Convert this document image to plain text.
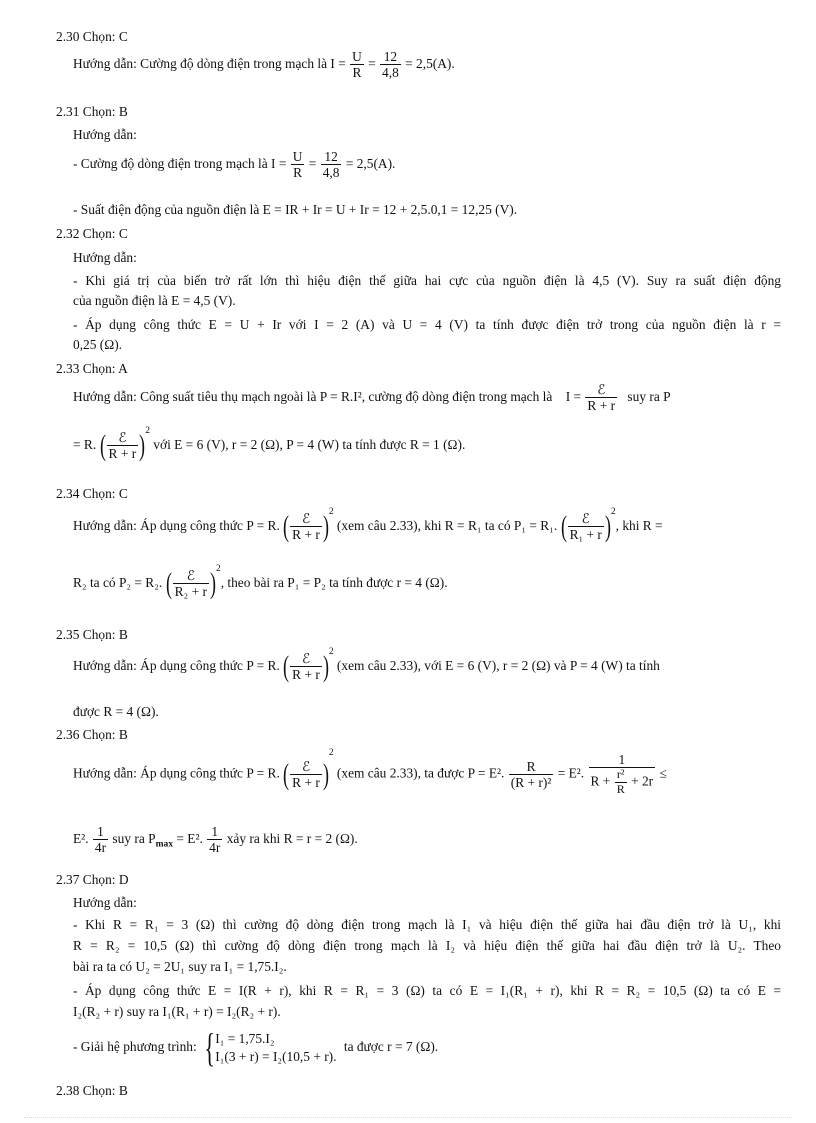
2.30 Chọn: C
Hướng dẫn: Cường độ dòng điện trong mạch là $I = \frac{U}{R} = \frac{12}{4,8} = 2,5(A)$.
2.31 Chọn: B
Hướng dẫn:
- Cường độ dòng điện trong mạch là $I = \frac{U}{R} = \frac{12}{4,8} = 2,5(A)$.
- Suất điện động của nguồn điện là E = IR + Ir = U + Ir = 12 + 2,5.0,1 = 12,25 (V).
2.32 Chọn: C
Hướng dẫn:
- Khi giá trị của biến trở rất lớn thì hiệu điện thế giữa hai cực của nguồn điện là 4,5 (V). Suy ra suất điện động
của nguồn điện là E = 4,5 (V).
- Áp dụng công thức E = U + Ir với I = 2 (A) và U = 4 (V) ta tính được điện trở trong của nguồn điện là r =
0,25 (Ω).
2.33 Chọn: A
Hướng dẫn: Công suất tiêu thụ mạch ngoài là P = R.I², cường độ dòng điện trong mạch là $I = \frac{\text{ℰ}}{R + r}$ suy ra P
= R. ( $\frac{\text{ℰ}}{R + r} )^2$ với E = 6 (V), r = 2 (Ω), P = 4 (W) ta tính được R = 1 (Ω).
2.34 Chọn: C
Hướng dẫn: Áp dụng công thức P = R. ( $\frac{\text{ℰ}}{R + r} )^2$ (xem câu 2.33), khi R = R₁ ta có P₁ = R₁. ( $\frac{\text{ℰ}}{\text{R₁ + r}} )^2$, khi R =
R₂ ta có P₂ = R₂. ( $\frac{\text{ℰ}}{\text{R₂ + r}} )^2$, theo bài ra P₁ = P₂ ta tính được r = 4 (Ω).
2.35 Chọn: B
Hướng dẫn: Áp dụng công thức P = R. ( $\frac{\text{ℰ}}{R + r} )^2$ (xem câu 2.33), với E = 6 (V), r = 2 (Ω) và P = 4 (W) ta tính
được R = 4 (Ω).
2.36 Chọn: B
Hướng dẫn: Áp dụng công thức P = R. ( $\frac{\text{ℰ}}{R + r} )^2$ (xem câu 2.33), ta được P = E². $\frac{R}{\text{(R + r)²}} = E^2$. $\frac{1}{R + \frac{\text{r²}}{R} + 2r}$ ≤
E². $\frac{1}{4r}$ suy ra $P_{max} = E^2$. $\frac{1}{4r}$ xảy ra khi R = r = 2 (Ω).
2.37 Chọn: D
Hướng dẫn:
- Khi R = R₁ = 3 (Ω) thì cường độ dòng điện trong mạch là I₁ và hiệu điện thế giữa hai đầu điện trở là U₁, khi
R = R₂ = 10,5 (Ω) thì cường độ dòng điện trong mạch là I₂ và hiệu điện thế giữa hai đầu điện trở là U₂. Theo
bài ra ta có U₂ = 2U₁ suy ra I₁ = 1,75.I₂.
- Áp dụng công thức E = I(R + r), khi R = R₁ = 3 (Ω) ta có E = I₁(R₁ + r), khi R = R₂ = 10,5 (Ω) ta có E =
I₂(R₂ + r) suy ra I₁(R₁ + r) = I₂(R₂ + r).
- Giải hệ phương trình: { I₁ = 1,75.I₂
I₁(3 + r) = I₂(10,5 + r).
ta được r = 7 (Ω).
2.38 Chọn: B
